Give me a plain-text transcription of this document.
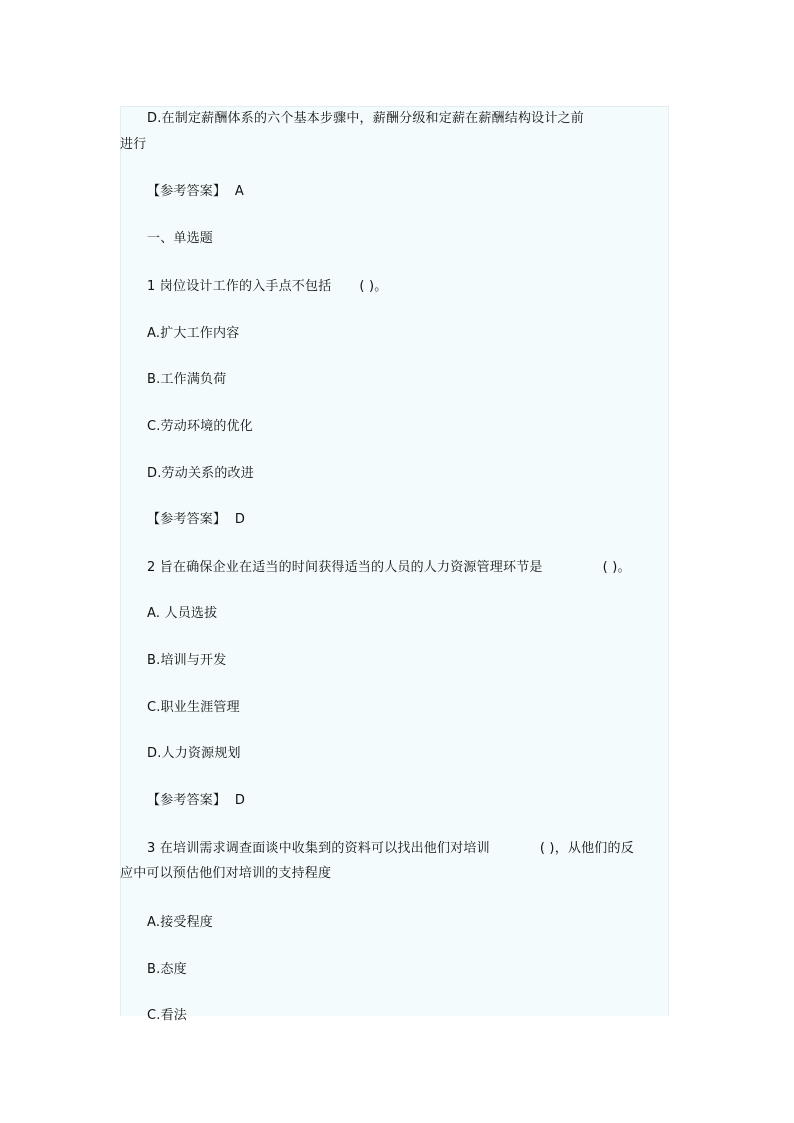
D.在制定薪酬体系的六个基本步骤中，薪酬分级和定薪在薪酬结构设计之前
进行
【参考答案】  A
一、单选题
1 岗位设计工作的入手点不包括 ( )。
A.扩大工作内容
B.工作满负荷
C.劳动环境的优化
D.劳动关系的改进
【参考答案】  D
2 旨在确保企业在适当的时间获得适当的人员的人力资源管理环节是	( )。
A. 人员选拔
B.培训与开发
C.职业生涯管理
D.人力资源规划
【参考答案】  D
3 在培训需求调查面谈中收集到的资料可以找出他们对培训	( )，从他们的反
应中可以预估他们对培训的支持程度
A.接受程度
B.态度
C.看法
